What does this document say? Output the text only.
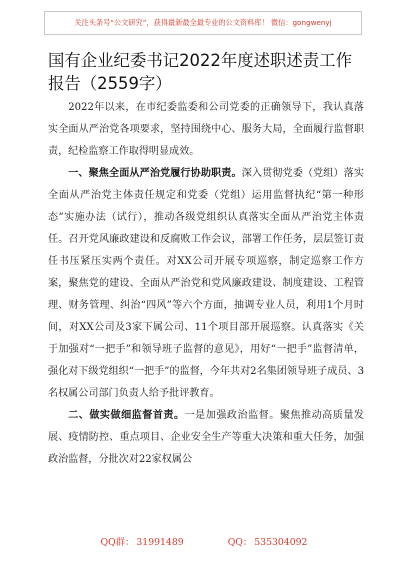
关注头条号“公文研究”，获得最新最全最专业的公文资料库！ 微信：gongwenyj
国有企业纪委书记2022年度述职述责工作报告（2559字）

2022年以来，在市纪委监委和公司党委的正确领导下，我认真落实全面从严治党各项要求，坚持围绕中心、服务大局，全面履行监督职责，纪检监察工作取得明显成效。

一、聚焦全面从严治党履行协助职责。深入贯彻党委（党组）落实全面从严治党主体责任规定和党委（党组）运用监督执纪“第一种形态”实施办法（试行），推动各级党组织认真落实全面从严治党主体责任。召开党风廉政建设和反腐败工作会议，部署工作任务，层层签订责任书压紧压实两个责任。对XX公司开展专项巡察，制定巡察工作方案，聚焦党的建设、全面从严治党和党风廉政建设、制度建设、工程管理、财务管理、纠治“四风”等六个方面，抽调专业人员，利用1个月时间，对XX公司及3家下属公司、11个项目部开展巡察。认真落实《关于加强对“一把手”和领导班子监督的意见》，用好“一把手”监督清单，强化对下级党组织“一把手”的监督，今年共对2名集团领导班子成员、3名权属公司部门负责人给予批评教育。

二、做实做细监督首责。一是加强政治监督。聚焦推动高质量发展、疫情防控、重点项目、企业安全生产等重大决策和重大任务，加强政治监督，分批次对22家权属公

QQ群： 31991489	QQ： 535304092
